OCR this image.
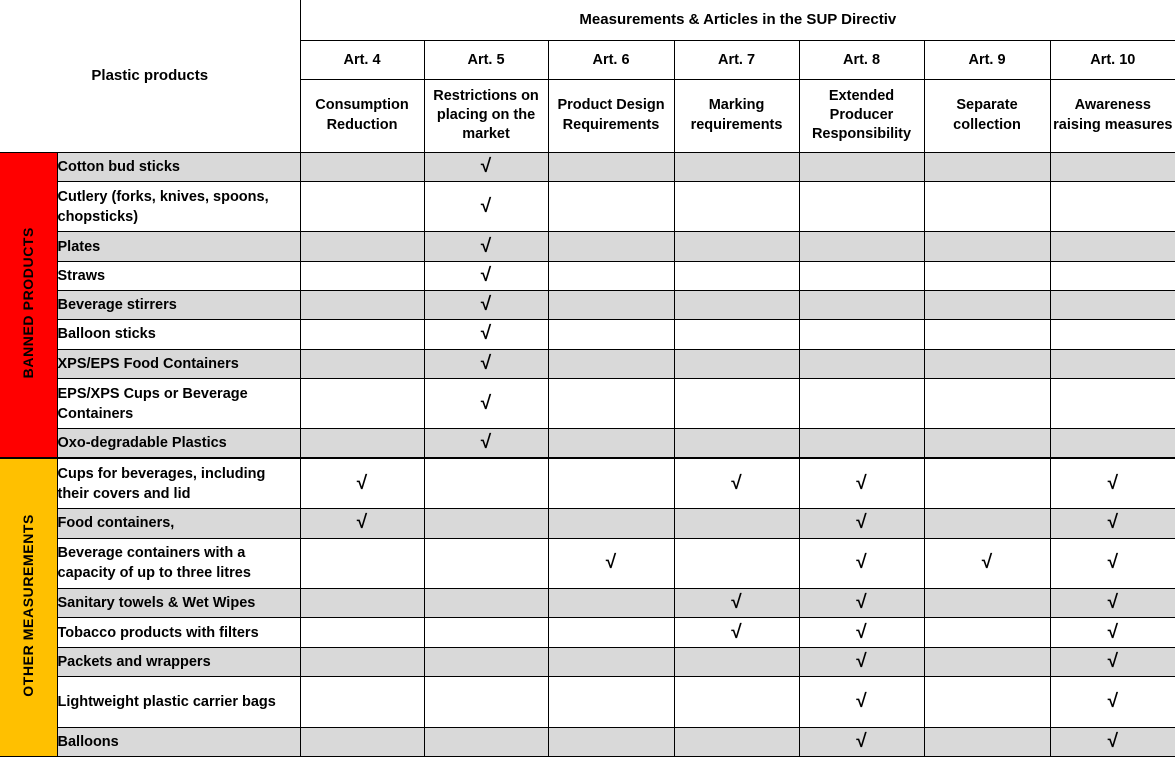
Plastic products		Measurements & Articles in the SUP Directiv						
		Art. 4	Art. 5	Art. 6	Art. 7	Art. 8	Art. 9	Art. 10
		Consumption Reduction	Restrictions on placing on the market	Product Design Requirements	Marking requirements	Extended Producer Responsibility	Separate collection	Awareness raising measures
BANNED PRODUCTS	Cotton bud sticks		√					
	Cutlery (forks, knives, spoons, chopsticks)		√					
	Plates		√					
	Straws		√					
	Beverage stirrers		√					
	Balloon sticks		√					
	XPS/EPS Food Containers		√					
	EPS/XPS Cups or Beverage Containers		√					
	Oxo-degradable Plastics		√					
OTHER MEASUREMENTS	Cups for beverages, including their covers and lid	√			√	√		√
	Food containers,	√				√		√
	Beverage containers with a capacity of up to three litres			√		√	√	√
	Sanitary towels & Wet Wipes				√	√		√
	Tobacco products with filters				√	√		√
	Packets and wrappers					√		√
	Lightweight plastic carrier bags					√		√
	Balloons					√		√
